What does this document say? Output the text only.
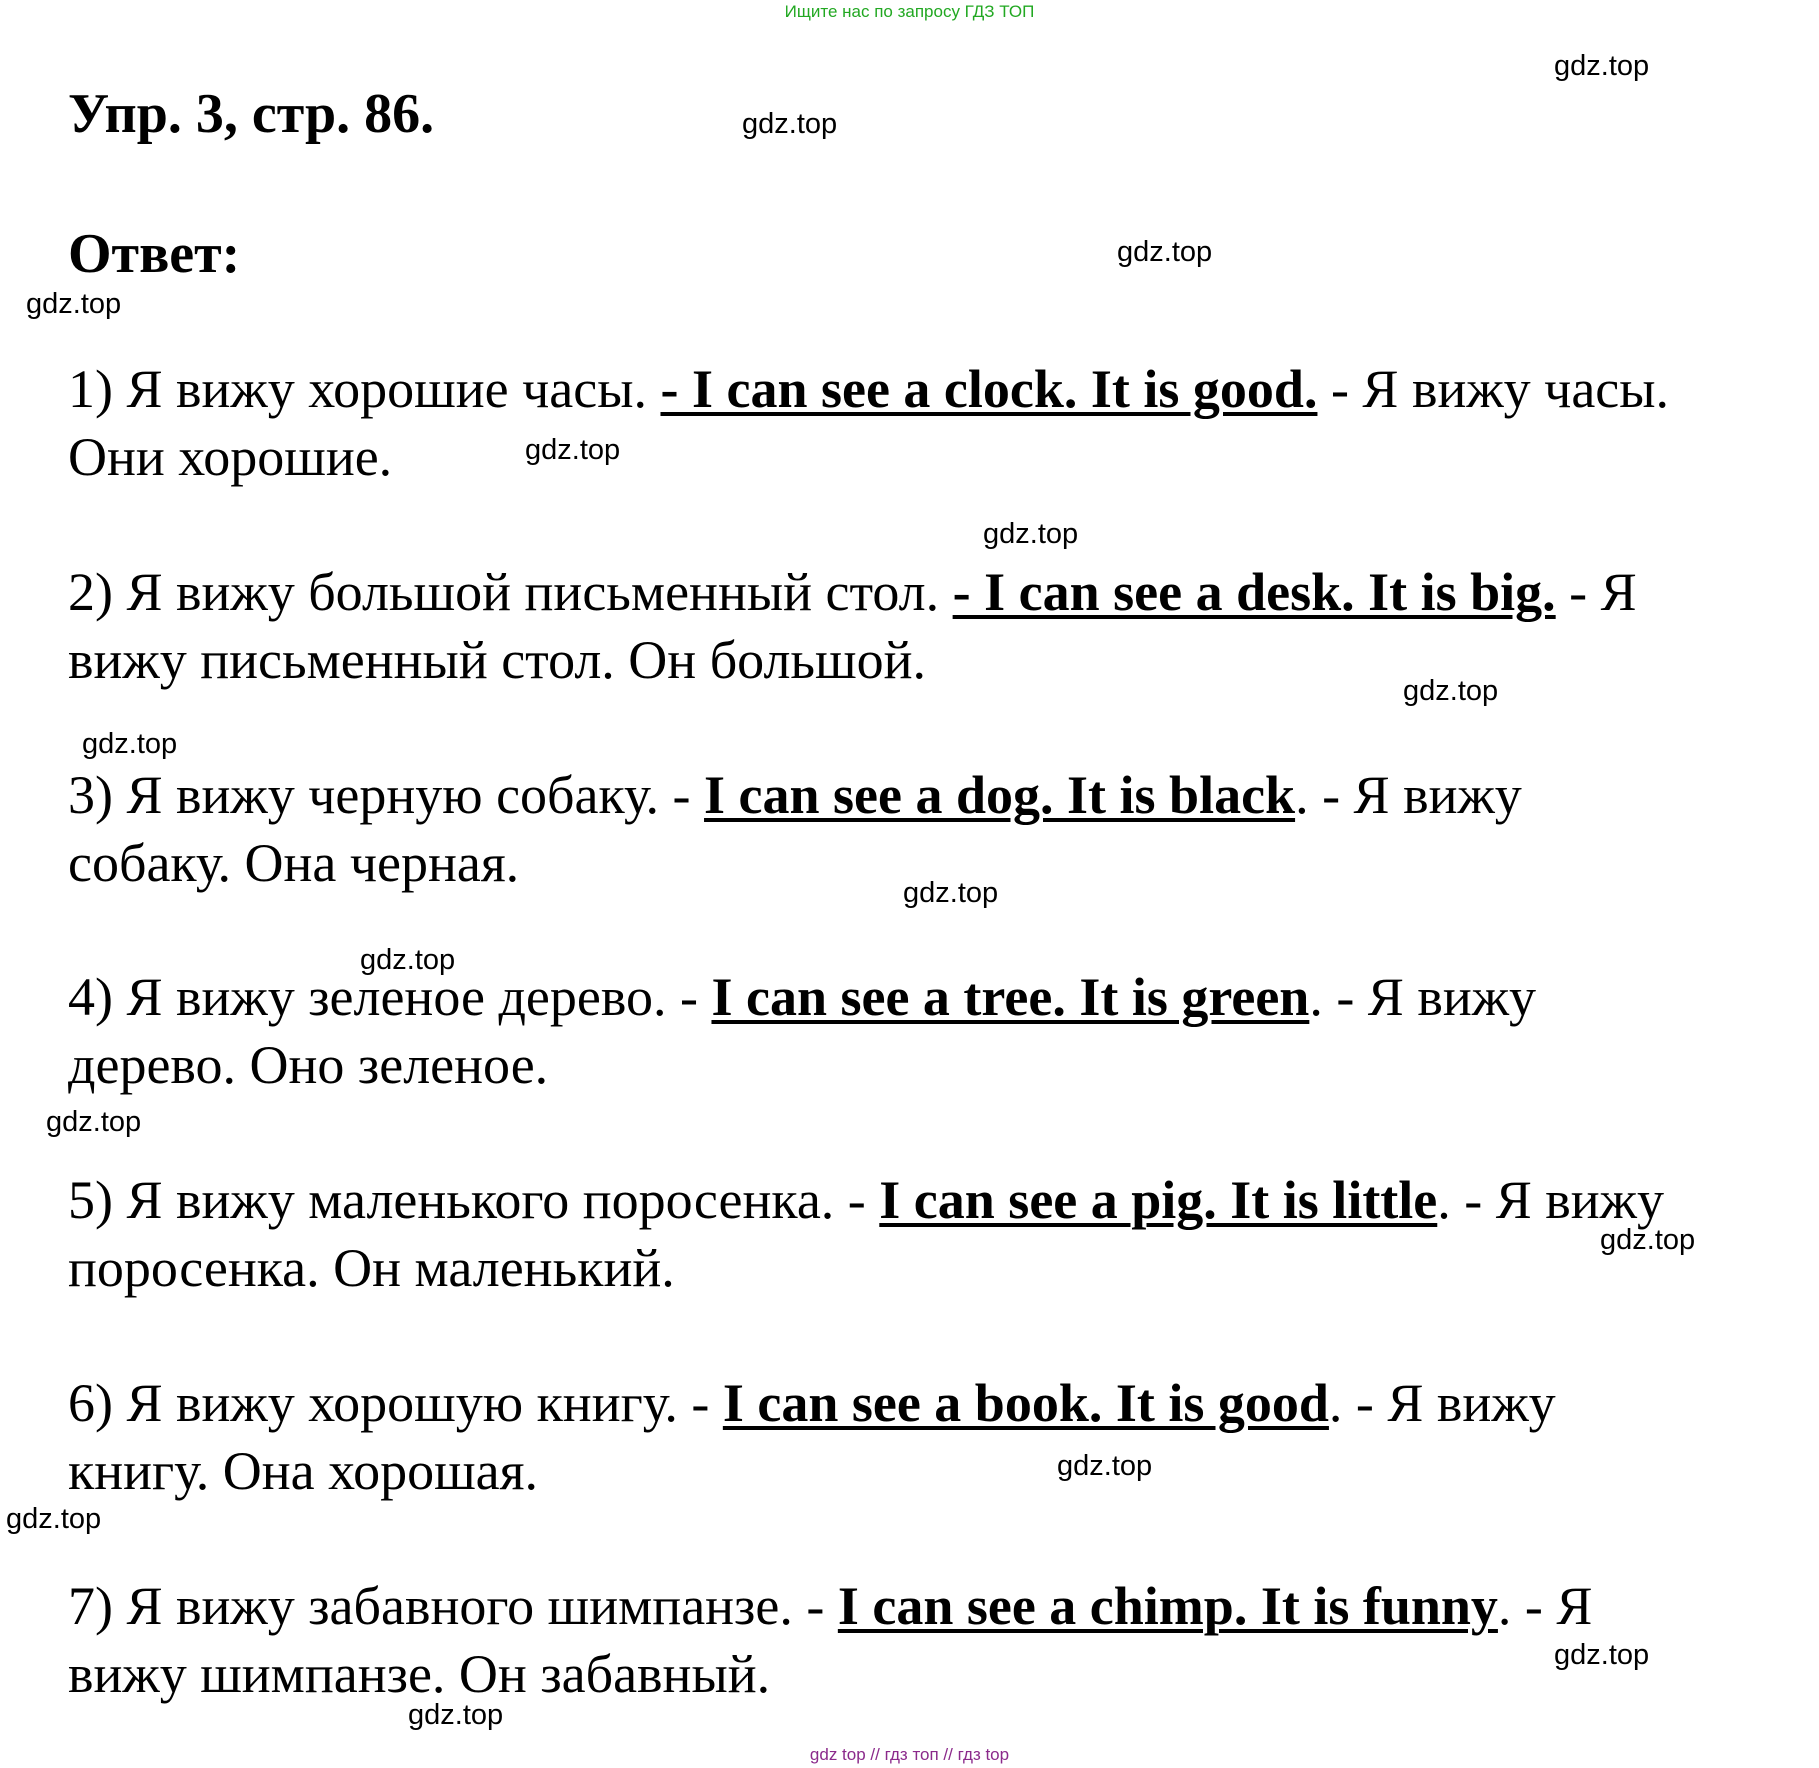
Ищите нас по запросу ГДЗ ТОП
Упр. 3, стр. 86.
Ответ:

1) Я вижу хорошие часы. - I can see a clock. It is good. - Я вижу часы.
Они хорошие.

2) Я вижу большой письменный стол. - I can see a desk. It is big. - Я
вижу письменный стол. Он большой.

3) Я вижу черную собаку. - I can see a dog. It is black. - Я вижу
собаку. Она черная.

4) Я вижу зеленое дерево. - I can see a tree. It is green. - Я вижу
дерево. Оно зеленое.

5) Я вижу маленького поросенка. - I can see a pig. It is little. - Я вижу
поросенка. Он маленький.

6) Я вижу хорошую книгу. - I can see a book. It is good. - Я вижу
книгу. Она хорошая.

7) Я вижу забавного шимпанзе. - I can see a chimp. It is funny. - Я
вижу шимпанзе. Он забавный.

gdz.top
gdz.top
gdz.top
gdz.top
gdz.top
gdz.top
gdz.top
gdz.top
gdz.top
gdz.top
gdz.top
gdz.top
gdz.top
gdz.top
gdz.top
gdz.top
gdz top // гдз топ // гдз top
